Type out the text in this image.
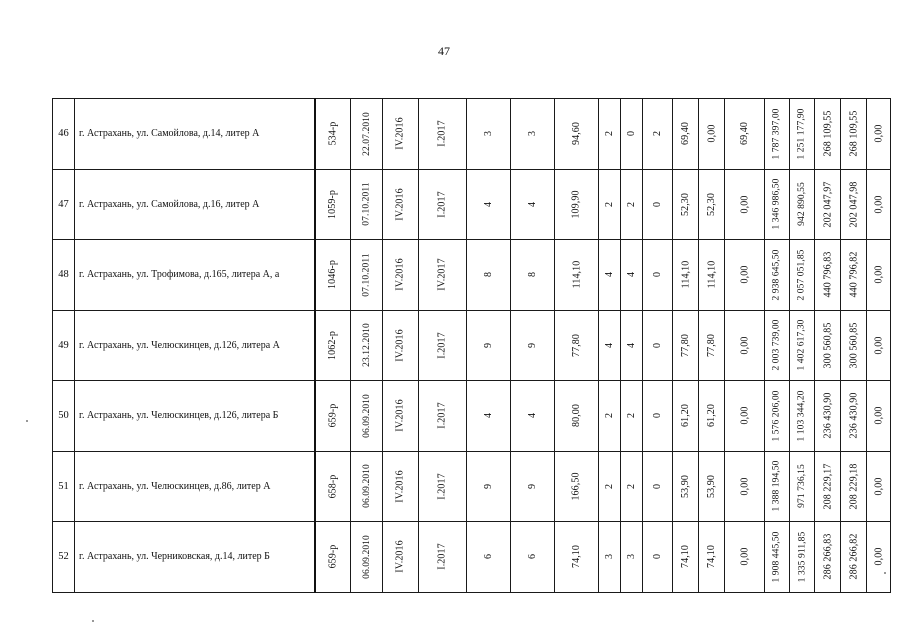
47
46	г. Астрахань, ул. Самойлова, д.14, литер А	534-р	22.07.2010	IV.2016	I.2017	3	3	94,60	2	0	2	69,40	0,00	69,40	1 787 397,00	1 251 177,90	268 109,55	268 109,55	0,00

47	г. Астрахань, ул. Самойлова, д.16, литер А	1059-р	07.10.2011	IV.2016	I.2017	4	4	109,90	2	2	0	52,30	52,30	0,00	1 346 986,50	942 890,55	202 047,97	202 047,98	0,00

48	г. Астрахань, ул. Трофимова, д.165, литера А, а	1046-р	07.10.2011	IV.2016	IV.2017	8	8	114,10	4	4	0	114,10	114,10	0,00	2 938 645,50	2 057 051,85	440 796,83	440 796,82	0,00

49	г. Астрахань, ул. Челюскинцев, д.126, литера А	1062-р	23.12.2010	IV.2016	I.2017	9	9	77,80	4	4	0	77,80	77,80	0,00	2 003 739,00	1 402 617,30	300 560,85	300 560,85	0,00

50	г. Астрахань, ул. Челюскинцев, д.126, литера Б	659-р	06.09.2010	IV.2016	I.2017	4	4	80,00	2	2	0	61,20	61,20	0,00	1 576 206,00	1 103 344,20	236 430,90	236 430,90	0,00

51	г. Астрахань, ул. Челюскинцев, д.86, литер А	658-р	06.09.2010	IV.2016	I.2017	9	9	166,50	2	2	0	53,90	53,90	0,00	1 388 194,50	971 736,15	208 229,17	208 229,18	0,00

52	г. Астрахань, ул. Черниковская, д.14, литер Б	659-р	06.09.2010	IV.2016	I.2017	6	6	74,10	3	3	0	74,10	74,10	0,00	1 908 445,50	1 335 911,85	286 266,83	286 266,82	0,00
